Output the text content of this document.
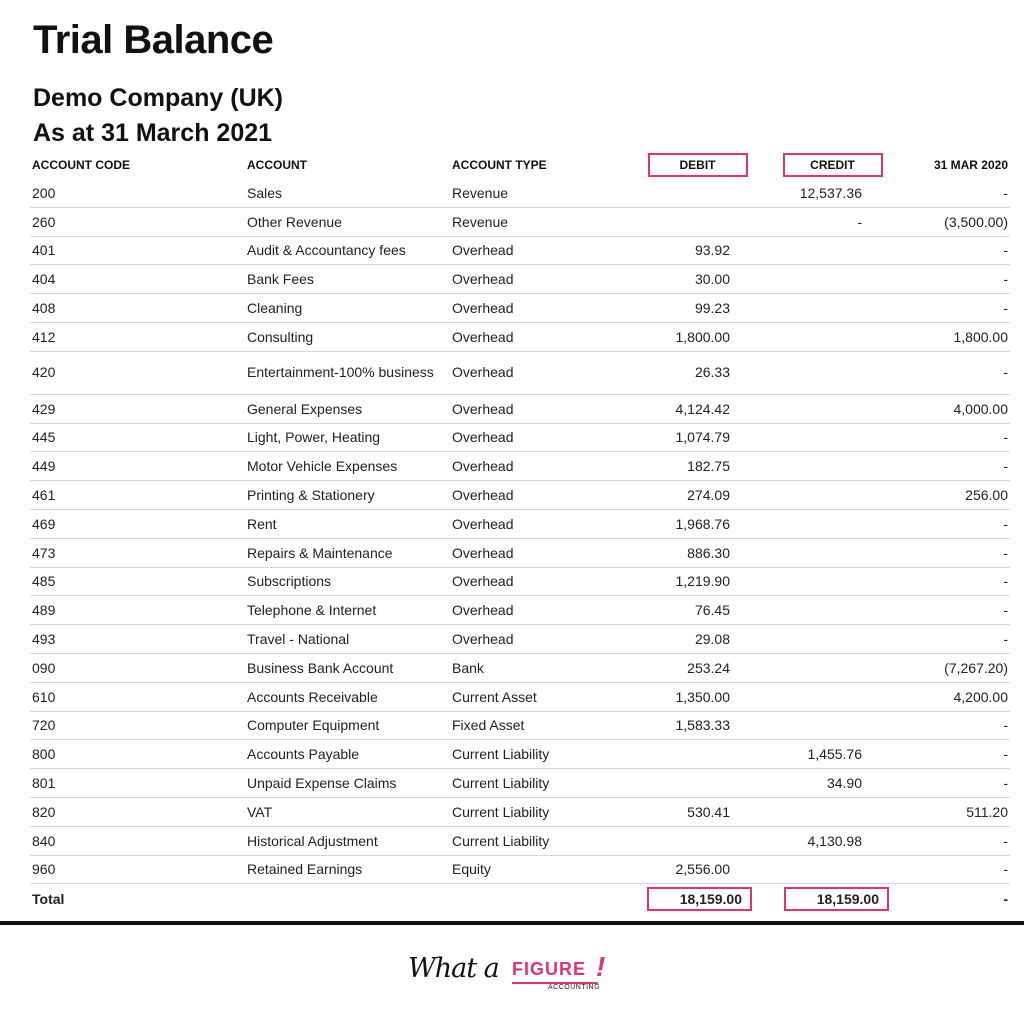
Trial Balance
Demo Company (UK)
As at 31 March 2021
ACCOUNT CODE	ACCOUNT	ACCOUNT TYPE	DEBIT	CREDIT	31 MAR 2020
200	Sales	Revenue		12,537.36	-
260	Other Revenue	Revenue		-	(3,500.00)
401	Audit & Accountancy fees	Overhead	93.92		-
404	Bank Fees	Overhead	30.00		-
408	Cleaning	Overhead	99.23		-
412	Consulting	Overhead	1,800.00		1,800.00
420	Entertainment-100% business	Overhead	26.33		-
429	General Expenses	Overhead	4,124.42		4,000.00
445	Light, Power, Heating	Overhead	1,074.79		-
449	Motor Vehicle Expenses	Overhead	182.75		-
461	Printing & Stationery	Overhead	274.09		256.00
469	Rent	Overhead	1,968.76		-
473	Repairs & Maintenance	Overhead	886.30		-
485	Subscriptions	Overhead	1,219.90		-
489	Telephone & Internet	Overhead	76.45		-
493	Travel - National	Overhead	29.08		-
090	Business Bank Account	Bank	253.24		(7,267.20)
610	Accounts Receivable	Current Asset	1,350.00		4,200.00
720	Computer Equipment	Fixed Asset	1,583.33		-
800	Accounts Payable	Current Liability		1,455.76	-
801	Unpaid Expense Claims	Current Liability		34.90	-
820	VAT	Current Liability	530.41		511.20
840	Historical Adjustment	Current Liability		4,130.98	-
960	Retained Earnings	Equity	2,556.00		-
Total			18,159.00	18,159.00	-
What a FIGURE !
ACCOUNTING
